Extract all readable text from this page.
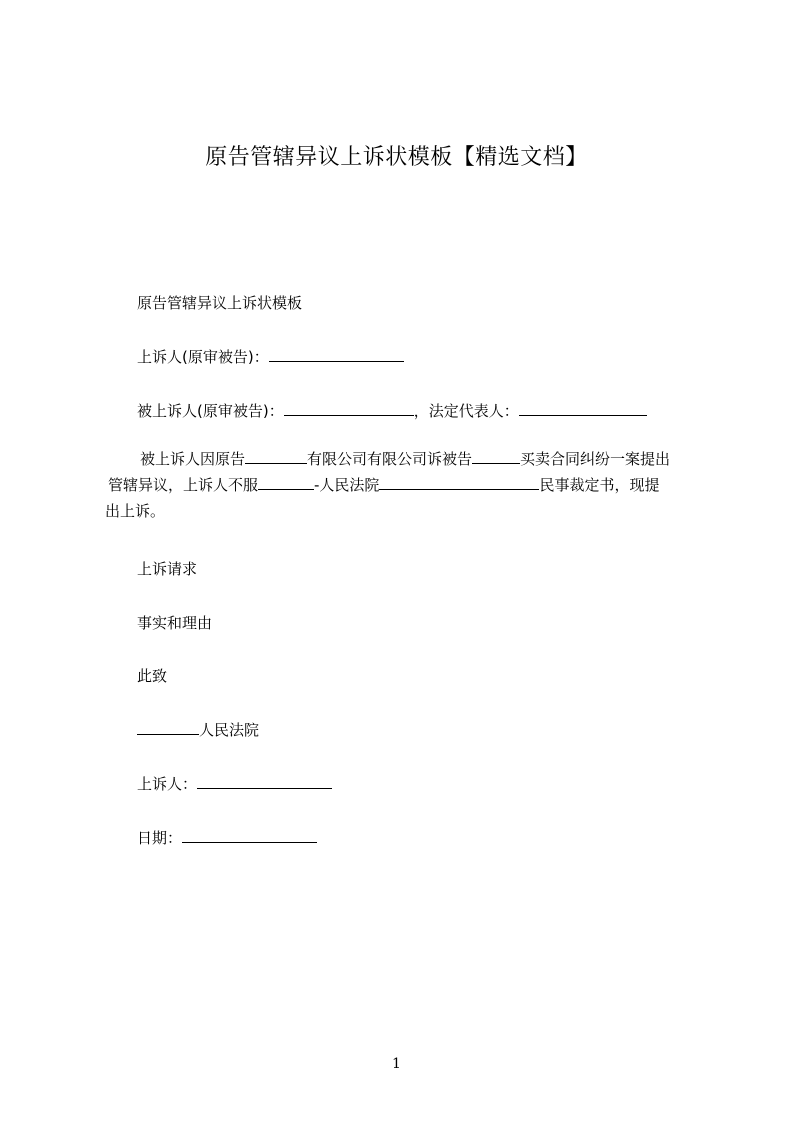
原告管辖异议上诉状模板【精选文档】
原告管辖异议上诉状模板
上诉人(原审被告)：
被上诉人(原审被告)：	，法定代表人：
被上诉人因原告	有限公司有限公司诉被告	买卖合同纠纷一案提出
管辖异议，上诉人不服	-人民法院	民事裁定书，现提
出上诉。
上诉请求
事实和理由
此致
人民法院
上诉人：
日期：
1
